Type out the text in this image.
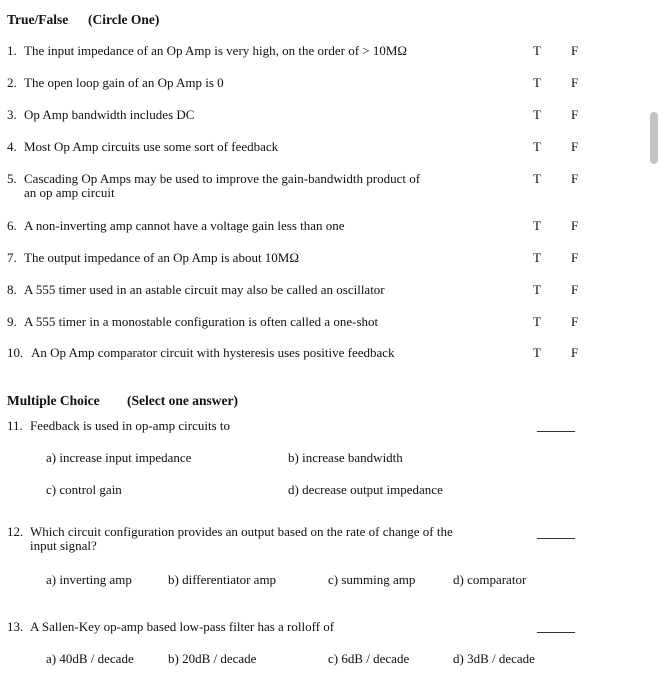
True/False (Circle One)
1. The input impedance of an Op Amp is very high, on the order of > 10MΩ	T F
2. The open loop gain of an Op Amp is 0	T F
3. Op Amp bandwidth includes DC	T F
4. Most Op Amp circuits use some sort of feedback	T F
5. Cascading Op Amps may be used to improve the gain-bandwidth product of
an op amp circuit
T F
6. A non-inverting amp cannot have a voltage gain less than one	T F
7. The output impedance of an Op Amp is about 10MΩ	T F
8. A 555 timer used in an astable circuit may also be called an oscillator	T F
9. A 555 timer in a monostable configuration is often called a one-shot	T F
10. An Op Amp comparator circuit with hysteresis uses positive feedback	T F
Multiple Choice (Select one answer)
11. Feedback is used in op-amp circuits to
a) increase input impedance	b) increase bandwidth
c) control gain	d) decrease output impedance
12. Which circuit configuration provides an output based on the rate of change of the
input signal?
a) inverting amp	b) differentiator amp	c) summing amp	d) comparator
13. A Sallen-Key op-amp based low-pass filter has a rolloff of
a) 40dB / decade	b) 20dB / decade	c) 6dB / decade	d) 3dB / decade
